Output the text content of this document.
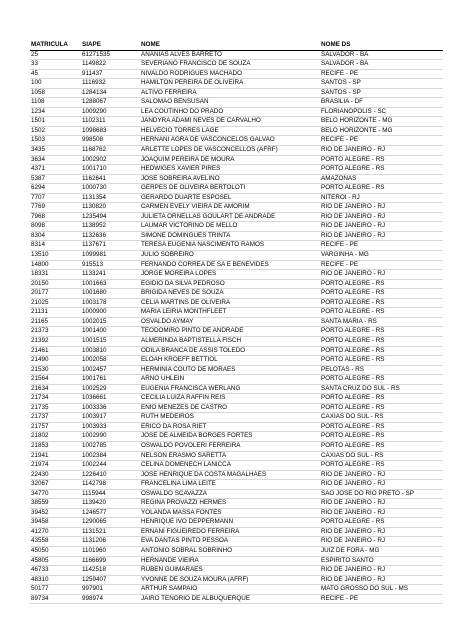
MATRICULA	SIAPE	NOME	NOME DS
25	61271535	ANANIAS ALVES BARRETO	SALVADOR - BA
33	1149822	SEVERIANO FRANCISCO DE SOUZA	SALVADOR - BA
45	911437	NIVALDO RODRIGUES MACHADO	RECIFE - PE
100	1116932	HAMILTON PEREIRA DE OLIVEIRA	SANTOS - SP
1058	1284134	ALTIVO FERREIRA	SANTOS - SP
1108	1288067	SALOMAO BENSUSAN	BRASILIA - DF
1234	1009290	LEA COUTINHO DO PRADO	FLORIANOPOLIS - SC
1501	1102311	JANDYRA ADAMI NEVES DE CARVALHO	BELO HORIZONTE - MG
1502	1098683	HELVECIO TORRES LAGE	BELO HORIZONTE - MG
1503	998508	HERNANI AGRA DE VASCONCELOS GALVAO	RECIFE - PE
3435	1168762	ARLETTE LOPES DE VASCONCELLOS (AFRF)	RIO DE JANEIRO - RJ
3634	1002902	JOAQUIM PEREIRA DE MOURA	PORTO ALEGRE - RS
4371	1001710	HEDWIGES XAVIER PIRES	PORTO ALEGRE - RS
5387	1162641	JOSE SOBREIRA AVELINO	AMAZONAS
6294	1000730	GERPES DE OLIVEIRA BERTOLOTI	PORTO ALEGRE - RS
7707	1131354	GERARDO DUARTE ESPOSEL	NITEROI - RJ
7769	1130820	CARMEN EVELY VIEIRA DE AMORIM	RIO DE JANEIRO - RJ
7968	1235494	JULIETA ORNELLAS GOULART DE ANDRADE	RIO DE JANEIRO - RJ
8098	1138952	LAUMAR VICTORINO DE MELLO	RIO DE JANEIRO - RJ
8304	1132636	SIMONE DOMINGUES TRINTA	RIO DE JANEIRO - RJ
8314	1137671	TERESA EUGENIA NASCIMENTO RAMOS	RECIFE - PE
13510	1099981	JULIO SOBREIRO	VARGINHA - MG
14800	915513	FERNANDO CORREA DE SA E BENEVIDES	RECIFE - PE
18331	1133241	JORGE MOREIRA LOPES	RIO DE JANEIRO - RJ
20150	1001663	EGIDIO DA SILVA PEDROSO	PORTO ALEGRE - RS
20177	1001680	BRIGIDA NEVES DE SOUZA	PORTO ALEGRE - RS
21025	1003178	CELIA MARTINS DE OLIVEIRA	PORTO ALEGRE - RS
21131	1000900	MARIA LEIRIA MONTHFLEET	PORTO ALEGRE - RS
21165	1002015	OSVALDO AYMAY	SANTA MARIA - RS
21373	1001400	TEODOMIRO PINTO DE ANDRADE	PORTO ALEGRE - RS
21392	1001515	ALMERINDA BAPTISTELLA FISCH	PORTO ALEGRE - RS
21461	1003810	ODILA BRANCA DE ASSIS TOLEDO	PORTO ALEGRE - RS
21490	1002058	ELOAH KROEFF BETTIOL	PORTO ALEGRE - RS
21530	1002457	HERMINIA COUTO DE MORAES	PELOTAS - RS
21564	1001761	ARNO UHLEIN	PORTO ALEGRE - RS
21634	1002529	EUGENIA FRANCISCA WERLANG	SANTA CRUZ DO SUL - RS
21734	1036661	CECILIA LUIZA RAFFIN REIS	PORTO ALEGRE - RS
21735	1003336	ENIO MENEZES DE CASTRO	PORTO ALEGRE - RS
21737	1003917	RUTH MEDEIROS	CAXIAS DO SUL - RS
21757	1003933	ERICO DA ROSA RIET	PORTO ALEGRE - RS
21802	1002990	JOSE DE ALMEIDA BORGES FORTES	PORTO ALEGRE - RS
21853	1002785	OSWALDO POVOLERI FERREIRA	PORTO ALEGRE - RS
21941	1002384	NELSON ERASMO SARETTA	CAXIAS DO SUL - RS
21974	1002244	CELINA DOMENECH LANICCA	PORTO ALEGRE - RS
22430	1226410	JOSE HENRIQUE DA COSTA MAGALHAES	RIO DE JANEIRO - RJ
32067	1142798	FRANCELINA LIMA LEITE	RIO DE JANEIRO - RJ
34770	1115944	OSWALDO SCAVAZZA	SAO JOSE DO RIO PRETO - SP
38559	1139420	REGINA PROVAZZI HERMES	RIO DE JANEIRO - RJ
39452	1246577	YOLANDA MASSA FONTES	RIO DE JANEIRO - RJ
39458	1290065	HENRIQUE IVO DEPPERMANN	PORTO ALEGRE - RS
41270	1131521	ERNANI FIGUEIREDO FERREIRA	RIO DE JANEIRO - RJ
43558	1131206	EVA DANTAS PINTO PESSOA	RIO DE JANEIRO - RJ
45050	1101960	ANTONIO SOBRAL SOBRINHO	JUIZ DE FORA - MG
45805	1166699	HERNANDE VIEIRA	ESPIRITO SANTO
46733	1142518	RUBEN GUIMARAES	RIO DE JANEIRO - RJ
48310	1259407	YVONNE DE SOUZA MOURA (AFRF)	RIO DE JANEIRO - RJ
50177	997901	ARTHUR SAMPAIO	MATO GROSSO DO SUL - MS
89734	998974	JAIRO TENORIO DE ALBUQUERQUE	RECIFE - PE
